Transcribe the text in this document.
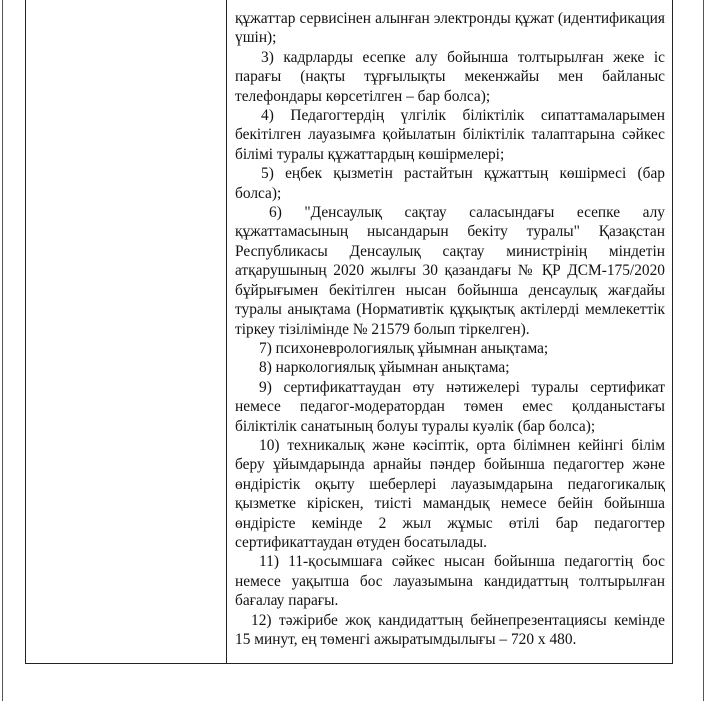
құжаттар сервисінен алынған электронды құжат (идентификация үшін);

3) кадрларды есепке алу бойынша толтырылған жеке іс парағы (нақты тұрғылықты мекенжайы мен байланыс телефондары көрсетілген – бар болса);

4) Педагогтердің үлгілік біліктілік сипаттамаларымен бекітілген лауазымға қойылатын біліктілік талаптарына сәйкес білімі туралы құжаттардың көшірмелері;

5) еңбек қызметін растайтын құжаттың көшірмесі (бар болса);

6) "Денсаулық сақтау саласындағы есепке алу құжаттамасының нысандарын бекіту туралы" Қазақстан Республикасы Денсаулық сақтау министрінің міндетін атқарушының 2020 жылғы 30 қазандағы № ҚР ДСМ-175/2020 бұйрығымен бекітілген нысан бойынша денсаулық жағдайы туралы анықтама (Нормативтік құқықтық актілерді мемлекеттік тіркеу тізілімінде № 21579 болып тіркелген).

7) психоневрологиялық ұйымнан анықтама;

8) наркологиялық ұйымнан анықтама;

9) сертификаттаудан өту нәтижелері туралы сертификат немесе педагог-модератордан төмен емес қолданыстағы біліктілік санатының болуы туралы куәлік (бар болса);

10) техникалық және кәсіптік, орта білімнен кейінгі білім беру ұйымдарында арнайы пәндер бойынша педагогтер және өндірістік оқыту шеберлері лауазымдарына педагогикалық қызметке кіріскен, тиісті мамандық немесе бейін бойынша өндірісте кемінде 2 жыл жұмыс өтілі бар педагогтер сертификаттаудан өтуден босатылады.

11) 11-қосымшаға сәйкес нысан бойынша педагогтің бос немесе уақытша бос лауазымына кандидаттың толтырылған бағалау парағы.

12) тәжірибе жоқ кандидаттың бейнепрезентациясы кемінде 15 минут, ең төменгі ажыратымдылығы – 720 х 480.
